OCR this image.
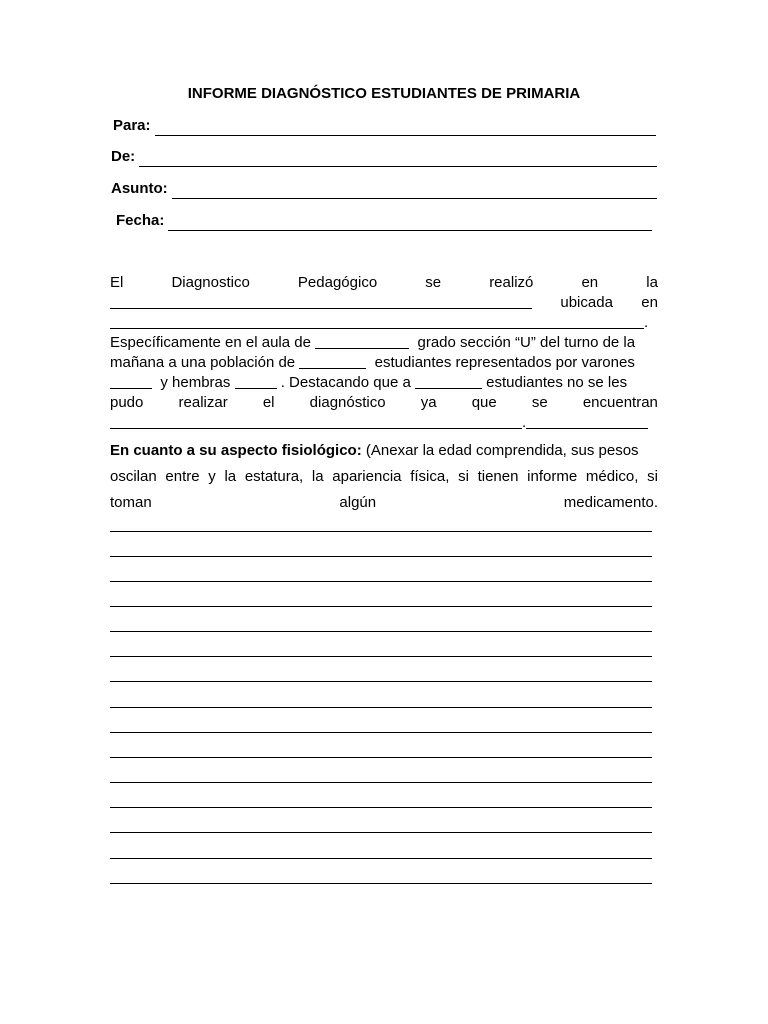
INFORME DIAGNÓSTICO ESTUDIANTES DE PRIMARIA
Para:
De:
Asunto:
Fecha:
El	Diagnostico	Pedagógico	se	realizó	en	la
ubicada en
.
Específicamente en el aula de

	grado sección “U” del turno de la
mañana a una población de

	estudiantes representados por varones

y hembras

	. Destacando que a

	estudiantes no se les
pudo realizar el diagnóstico ya que se encuentran
.
En cuanto a su aspecto fisiológico:
(Anexar la edad comprendida, sus pesos
oscilan entre y la estatura, la apariencia física, si tienen informe médico, si
toman	algún	medicamento.
